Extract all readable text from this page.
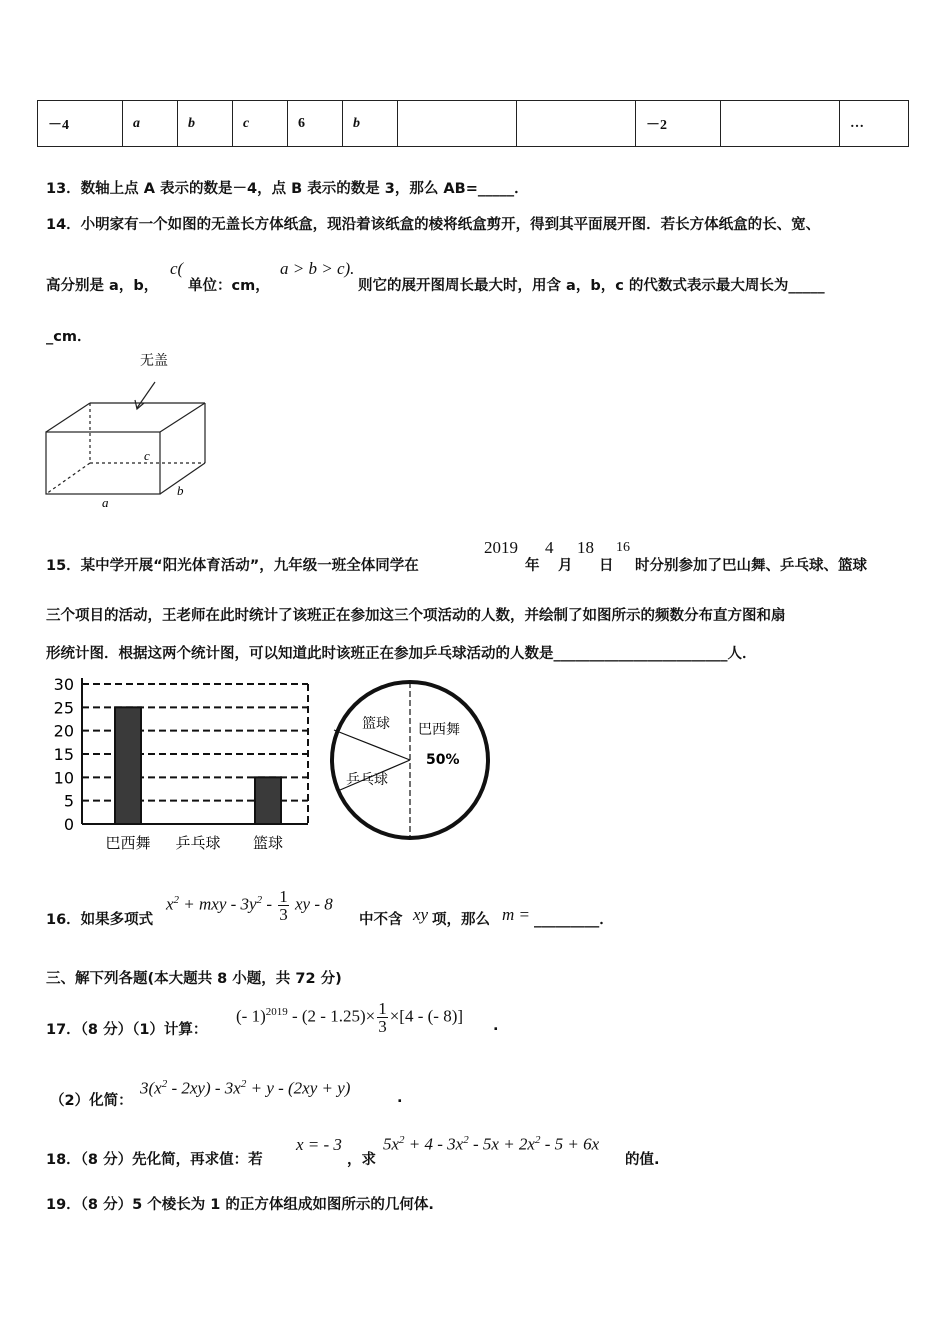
－4	a	b	c	6	b			－2		…
13．数轴上点 A 表示的数是－4，点 B 表示的数是 3，那么 AB=_____．
14．小明家有一个如图的无盖长方体纸盒，现沿着该纸盒的棱将纸盒剪开，得到其平面展开图．若长方体纸盒的长、宽、
高分别是 a，b，
c(
单位：cm，
a > b > c).
则它的展开图周长最大时，用含 a，b，c 的代数式表示最大周长为_____
_cm．
无盖
c
a
b
15．某中学开展“阳光体育活动”，九年级一班全体同学在
2019
年
4
月
18
日
16
时分别参加了巴山舞、乒乓球、篮球
三个项目的活动，王老师在此时统计了该班正在参加这三个项活动的人数，并绘制了如图所示的频数分布直方图和扇
形统计图．根据这两个统计图，可以知道此时该班正在参加乒乓球活动的人数是________________________人．
0
5
10
15
20
25
30
巴西舞 乒乓球 篮球
巴西舞
50%
篮球
乒乓球
16．如果多项式
$x^2$ + mxy - $3y^2 - \frac{1}{3}$ xy - 8
中不含 xy 项，那么 m = _________．
三、解下列各题(本大题共 8 小题，共 72 分)
17．（8 分）（1）计算：
(- $1)^{2019} - (2 - 1.25)\times \frac{1}{3} \times[4$ - (- 8)]
.
（2）化简：
$3(x^2 - 2xy) - 3x^2 + y - (2xy + y)$
.
18．（8 分）先化简，再求值：若
x = - 3
，求
$5x^2 + 4 - 3x^2 - 5x + 2x^2 - 5 + 6x$
的值.
19．（8 分）5 个棱长为 1 的正方体组成如图所示的几何体.
